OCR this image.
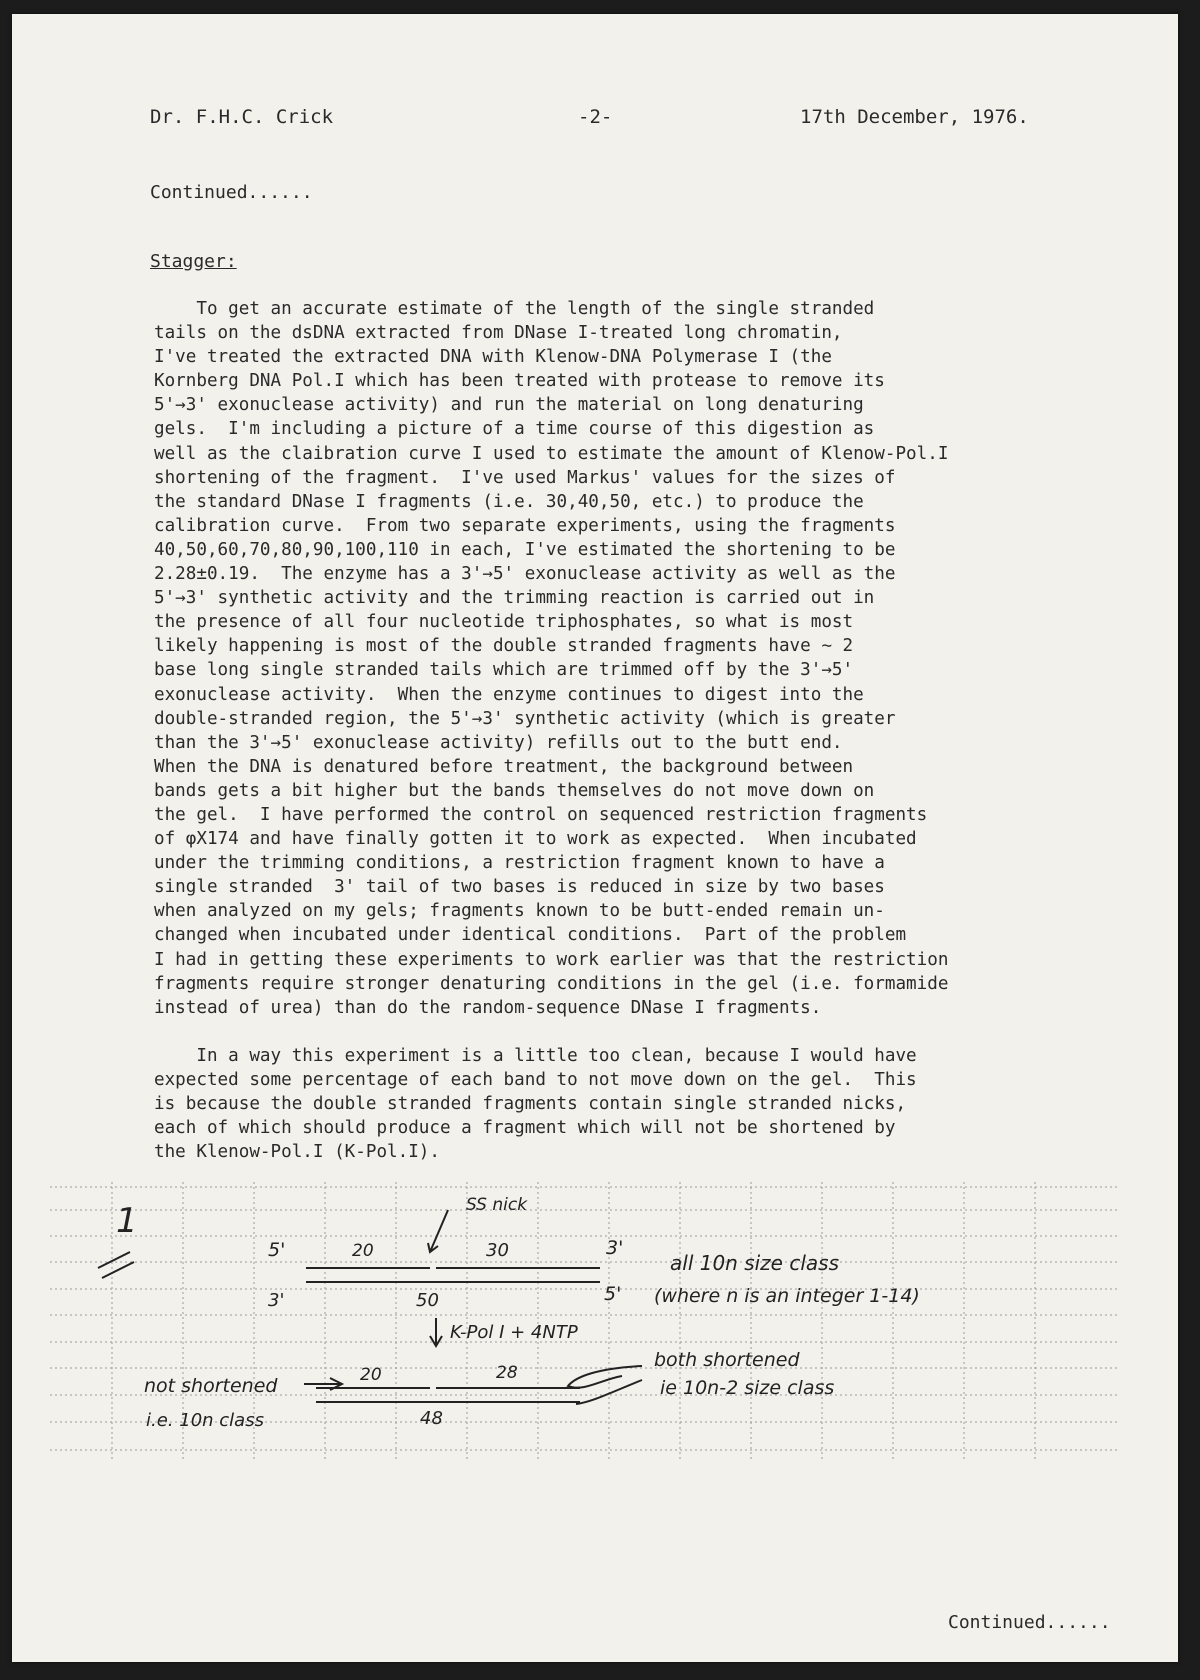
Dr. F.H.C. Crick	-2-	17th December, 1976.
Continued......
Stagger:
To get an accurate estimate of the length of the single stranded
tails on the dsDNA extracted from DNase I-treated long chromatin,
I've treated the extracted DNA with Klenow-DNA Polymerase I (the
Kornberg DNA Pol.I which has been treated with protease to remove its
5'→3' exonuclease activity) and run the material on long denaturing
gels.  I'm including a picture of a time course of this digestion as
well as the claibration curve I used to estimate the amount of Klenow-Pol.I
shortening of the fragment.  I've used Markus' values for the sizes of
the standard DNase I fragments (i.e. 30,40,50, etc.) to produce the
calibration curve.  From two separate experiments, using the fragments
40,50,60,70,80,90,100,110 in each, I've estimated the shortening to be
2.28±0.19.  The enzyme has a 3'→5' exonuclease activity as well as the
5'→3' synthetic activity and the trimming reaction is carried out in
the presence of all four nucleotide triphosphates, so what is most
likely happening is most of the double stranded fragments have ∼ 2
base long single stranded tails which are trimmed off by the 3'→5'
exonuclease activity.  When the enzyme continues to digest into the
double-stranded region, the 5'→3' synthetic activity (which is greater
than the 3'→5' exonuclease activity) refills out to the butt end.
When the DNA is denatured before treatment, the background between
bands gets a bit higher but the bands themselves do not move down on
the gel.  I have performed the control on sequenced restriction fragments
of φX174 and have finally gotten it to work as expected.  When incubated
under the trimming conditions, a restriction fragment known to have a
single stranded  3' tail of two bases is reduced in size by two bases
when analyzed on my gels; fragments known to be butt-ended remain un-
changed when incubated under identical conditions.  Part of the problem
I had in getting these experiments to work earlier was that the restriction
fragments require stronger denaturing conditions in the gel (i.e. formamide
instead of urea) than do the random-sequence DNase I fragments.

In a way this experiment is a little too clean, because I would have
expected some percentage of each band to not move down on the gel.  This
is because the double stranded fragments contain single stranded nicks,
each of which should produce a fragment which will not be shortened by
the Klenow-Pol.I (K-Pol.I).
1	SS nick
5'	20	30	3'
3'	5'
50
all 10n size class
(where n is an integer 1-14)
K-Pol I + 4NTP
both shortened
ie 10n-2 size class
not shortened
i.e. 10n class
20	28
48
Continued......
